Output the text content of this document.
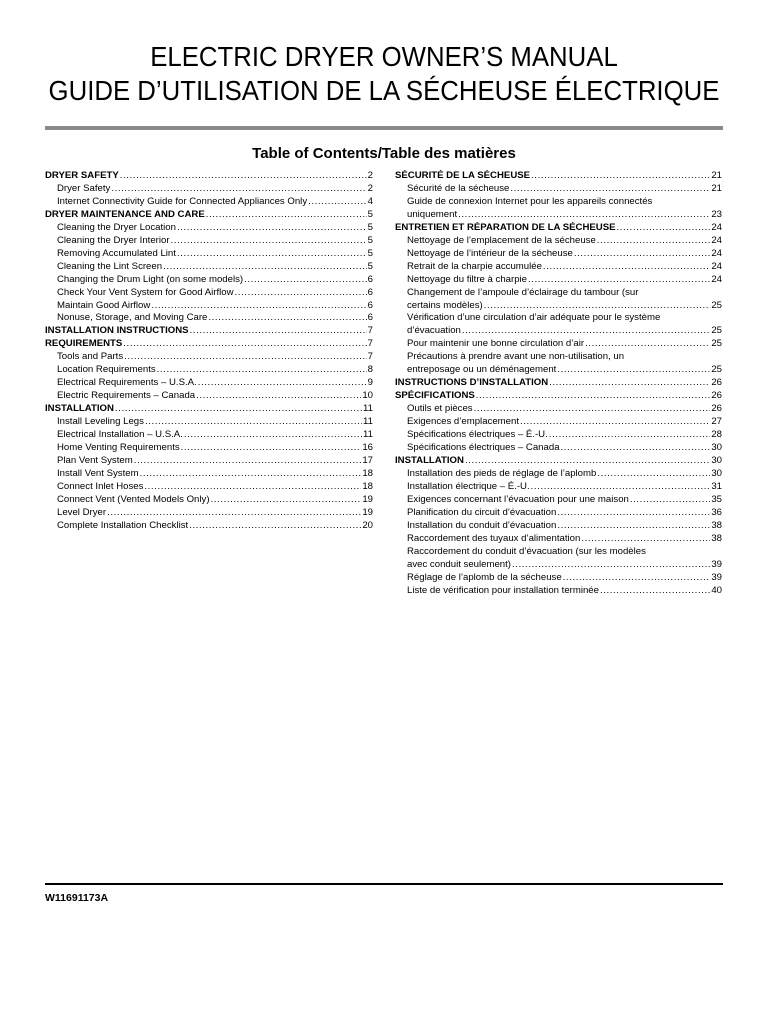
ELECTRIC DRYER OWNER’S MANUAL
GUIDE D’UTILISATION DE LA SÉCHEUSE ÉLECTRIQUE
Table of Contents/Table des matières
DRYER SAFETY .....	2
Dryer Safety .....	2
Internet Connectivity Guide for Connected Appliances Only .....	4
DRYER MAINTENANCE AND CARE .....	5
Cleaning the Dryer Location .....	5
Cleaning the Dryer Interior .....	5
Removing Accumulated Lint .....	5
Cleaning the Lint Screen .....	5
Changing the Drum Light (on some models) .....	6
Check Your Vent System for Good Airflow .....	6
Maintain Good Airflow .....	6
Nonuse, Storage, and Moving Care .....	6
INSTALLATION INSTRUCTIONS .....	7
REQUIREMENTS .....	7
Tools and Parts .....	7
Location Requirements .....	8
Electrical Requirements – U.S.A. .....	9
Electric Requirements – Canada .....	10
INSTALLATION .....	11
Install Leveling Legs .....	11
Electrical Installation – U.S.A. .....	11
Home Venting Requirements .....	16
Plan Vent System .....	17
Install Vent System .....	18
Connect Inlet Hoses .....	18
Connect Vent (Vented Models Only) .....	19
Level Dryer .....	19
Complete Installation Checklist .....	20
SÉCURITÉ DE LA SÉCHEUSE .....	21
Sécurité de la sécheuse .....	21
Guide de connexion Internet pour les appareils connectés
uniquement .....	23
ENTRETIEN ET RÉPARATION DE LA SÉCHEUSE .....	24
Nettoyage de l’emplacement de la sécheuse .....	24
Nettoyage de l’intérieur de la sécheuse .....	24
Retrait de la charpie accumulée .....	24
Nettoyage du filtre à charpie .....	24
Changement de l’ampoule d’éclairage du tambour (sur
certains modèles) .....	25
Vérification d’une circulation d’air adéquate pour le système
d’évacuation .....	25
Pour maintenir une bonne circulation d’air .....	25
Précautions à prendre avant une non-utilisation, un
entreposage ou un déménagement .....	25
INSTRUCTIONS D’INSTALLATION .....	26
SPÉCIFICATIONS .....	26
Outils et pièces .....	26
Exigences d’emplacement .....	27
Spécifications électriques – É.-U. .....	28
Spécifications électriques – Canada .....	30
INSTALLATION .....	30
Installation des pieds de réglage de l’aplomb .....	30
Installation électrique – É.-U. .....	31
Exigences concernant l’évacuation pour une maison .....	35
Planification du circuit d’évacuation .....	36
Installation du conduit d’évacuation .....	38
Raccordement des tuyaux d’alimentation .....	38
Raccordement du conduit d’évacuation (sur les modèles
avec conduit seulement) .....	39
Réglage de l’aplomb de la sécheuse .....	39
Liste de vérification pour installation terminée .....	40
W11691173A
